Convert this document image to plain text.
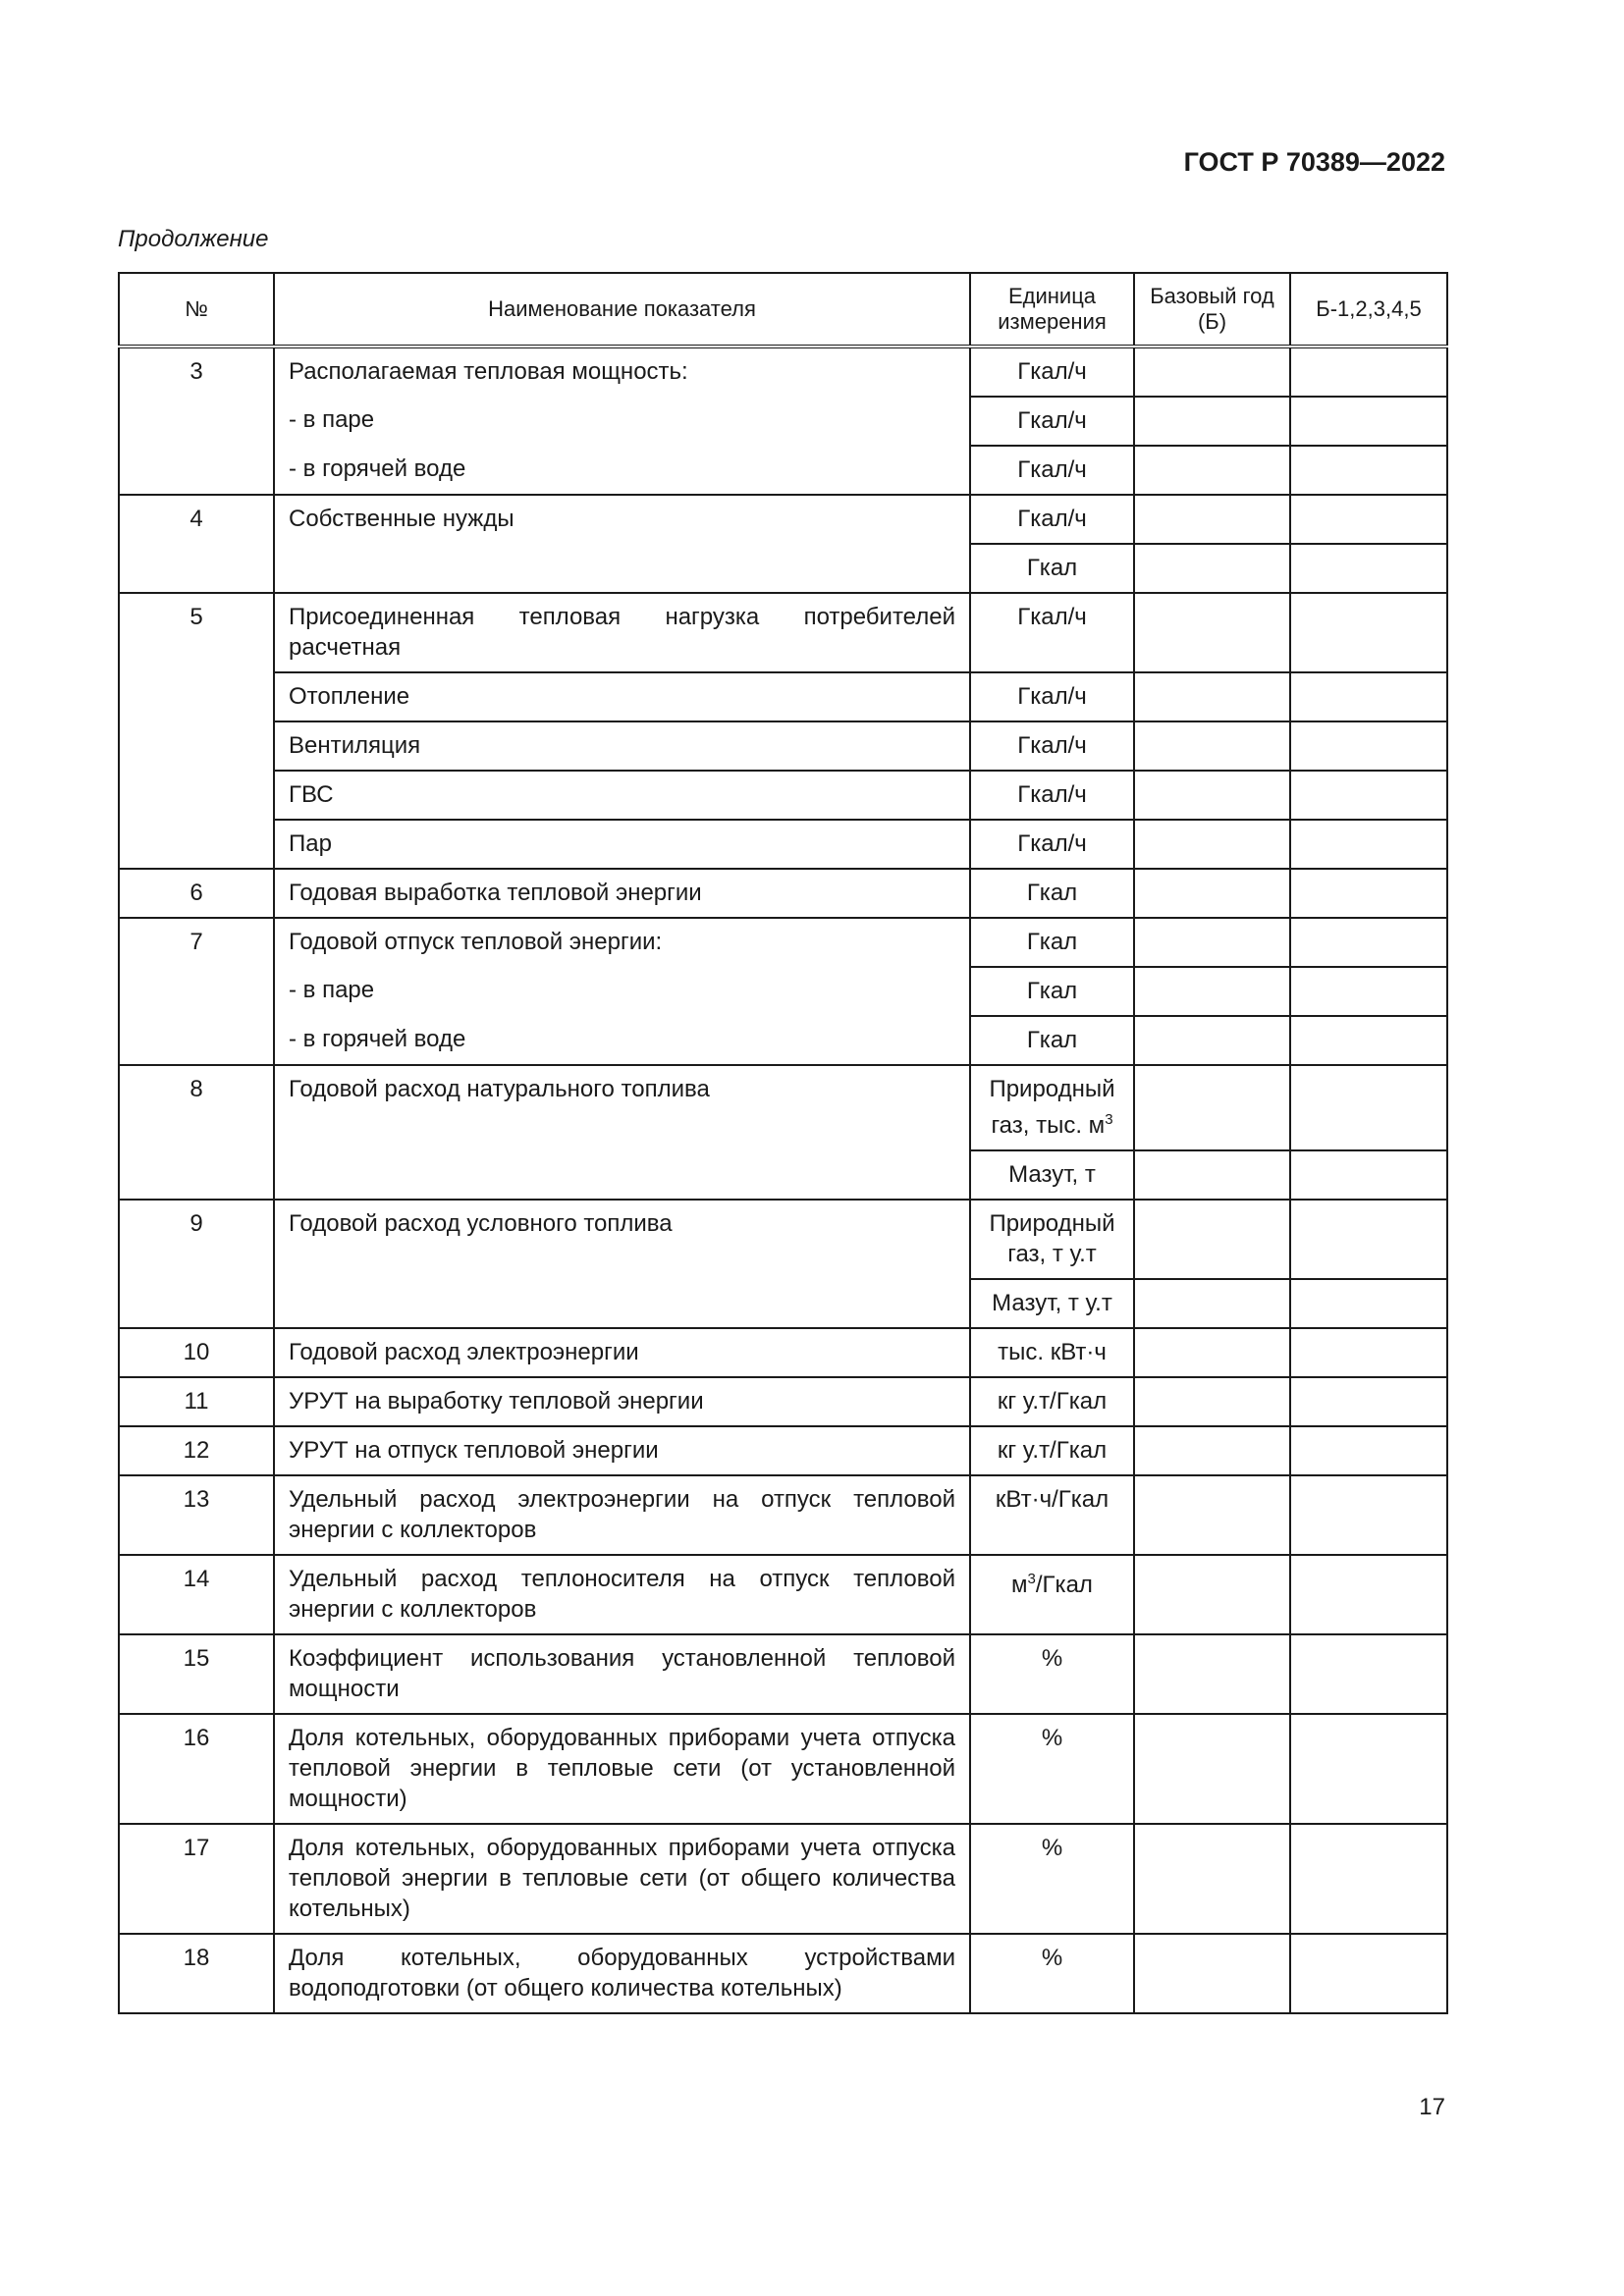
ГОСТ Р 70389—2022
Продолжение
№	Наименование показателя	Единица измерения	Базовый год (Б)	Б-1,2,3,4,5
3	Располагаемая тепловая мощность:	Гкал/ч		
	- в паре	Гкал/ч		
	- в горячей воде	Гкал/ч		
4	Собственные нужды	Гкал/ч		
		Гкал		
5	Присоединенная тепловая нагрузка потребителей расчетная	Гкал/ч		
	Отопление	Гкал/ч		
	Вентиляция	Гкал/ч		
	ГВС	Гкал/ч		
	Пар	Гкал/ч		
6	Годовая выработка тепловой энергии	Гкал		
7	Годовой отпуск тепловой энергии:	Гкал		
	- в паре	Гкал		
	- в горячей воде	Гкал		
8	Годовой расход натурального топлива	Природный газ, тыс. $м^3$		
		Мазут, т		
9	Годовой расход условного топлива	Природный газ, т у.т		
		Мазут, т у.т		
10	Годовой расход электроэнергии	тыс. кВт·ч		
11	УРУТ на выработку тепловой энергии	кг у.т/Гкал		
12	УРУТ на отпуск тепловой энергии	кг у.т/Гкал		
13	Удельный расход электроэнергии на отпуск тепловой энергии с коллекторов	кВт·ч/Гкал		
14	Удельный расход теплоносителя на отпуск тепловой энергии с коллекторов	$м^3$/Гкал		
15	Коэффициент использования установленной тепловой мощности	%		
16	Доля котельных, оборудованных приборами учета отпуска тепловой энергии в тепловые сети (от установленной мощности)	%		
17	Доля котельных, оборудованных приборами учета отпуска тепловой энергии в тепловые сети (от общего количества котельных)	%		
18	Доля котельных, оборудованных устройствами водоподготовки (от общего количества котельных)	%		
17
